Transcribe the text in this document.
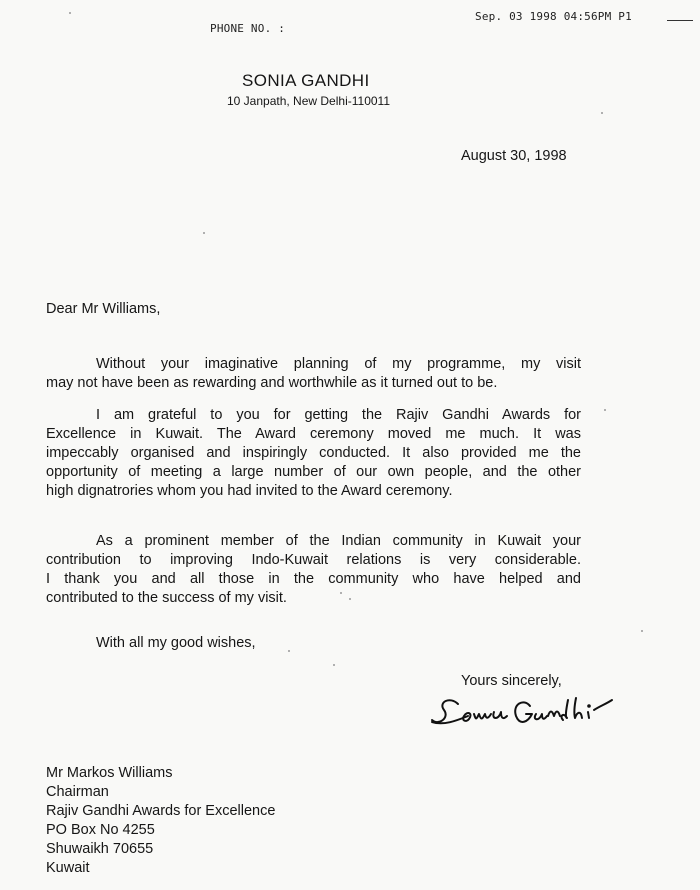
PHONE NO. :
Sep. 03 1998 04:56PM P1
SONIA GANDHI
10 Janpath, New Delhi-110011
August 30, 1998
Dear Mr Williams,
Without your imaginative planning of my programme, my visit
may not have been as rewarding and worthwhile as it turned out to be.
I am grateful to you for getting the Rajiv Gandhi Awards for
Excellence in Kuwait. The Award ceremony moved me much. It was
impeccably organised and inspiringly conducted. It also provided me the
opportunity of meeting a large number of our own people, and the other
high dignatrories whom you had invited to the Award ceremony.
As a prominent member of the Indian community in Kuwait your
contribution to improving Indo-Kuwait relations is very considerable.
I thank you and all those in the community who have helped and
contributed to the success of my visit.
With all my good wishes,
Yours sincerely,
Mr Markos Williams
Chairman
Rajiv Gandhi Awards for Excellence
PO Box No 4255
Shuwaikh 70655
Kuwait
